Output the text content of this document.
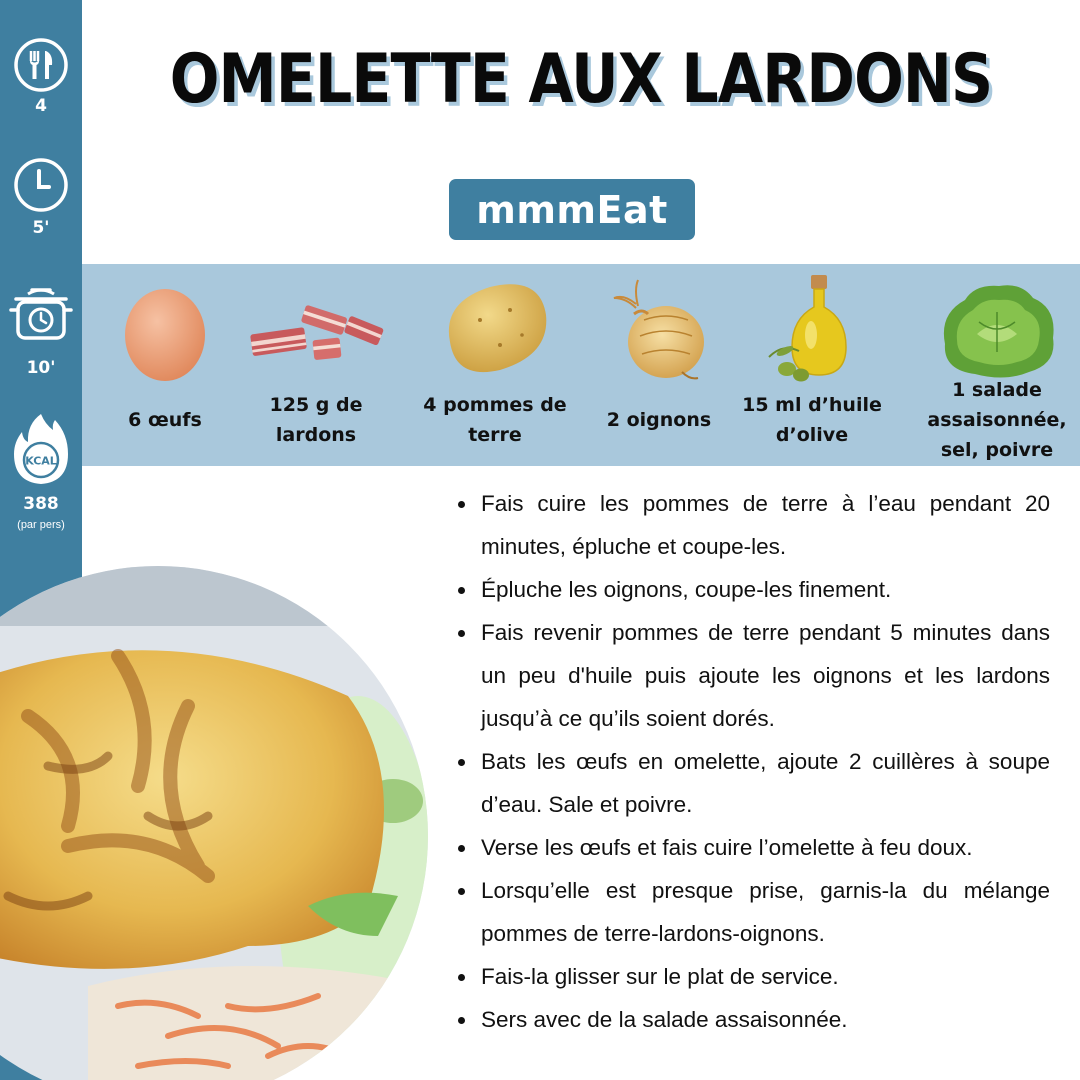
4
5'
10'
KCAL
388
(par pers)
OMELETTE AUX LARDONS
mmmEat
6 œufs
125 g de lardons
4 pommes de terre
2 oignons
15 ml d’huile d’olive
1 salade assaisonnée, sel, poivre
Fais cuire les pommes de terre à l’eau pendant 20 minutes, épluche et coupe-les.
Épluche les oignons, coupe-les finement.
Fais revenir pommes de terre pendant 5 minutes dans un peu d'huile puis ajoute les oignons et les lardons jusqu’à ce qu’ils soient dorés.
Bats les œufs en omelette, ajoute 2 cuillères à soupe d’eau. Sale et poivre.
Verse les œufs et fais cuire l’omelette à feu doux.
Lorsqu’elle est presque prise, garnis-la du mélange pommes de terre-lardons-oignons.
Fais-la glisser sur le plat de service.
Sers avec de la salade assaisonnée.
